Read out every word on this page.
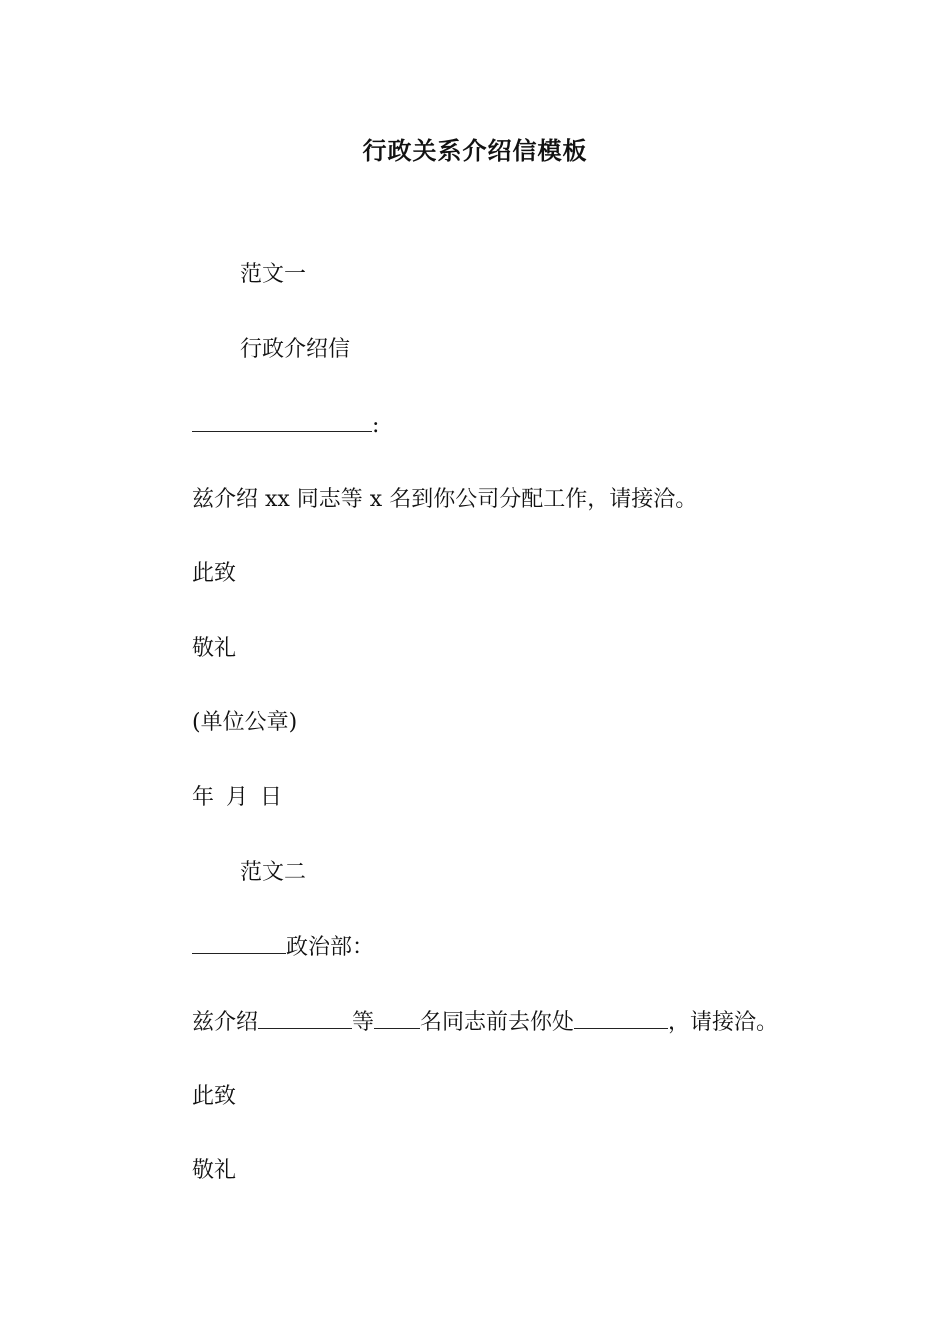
行政关系介绍信模板
范文一
行政介绍信
:
兹介绍 xx 同志等 x 名到你公司分配工作，请接洽。
此致
敬礼
(单位公章)
年 月 日
范文二
政治部：
兹介绍	等 名同志前去你处	，请接洽。
此致
敬礼
